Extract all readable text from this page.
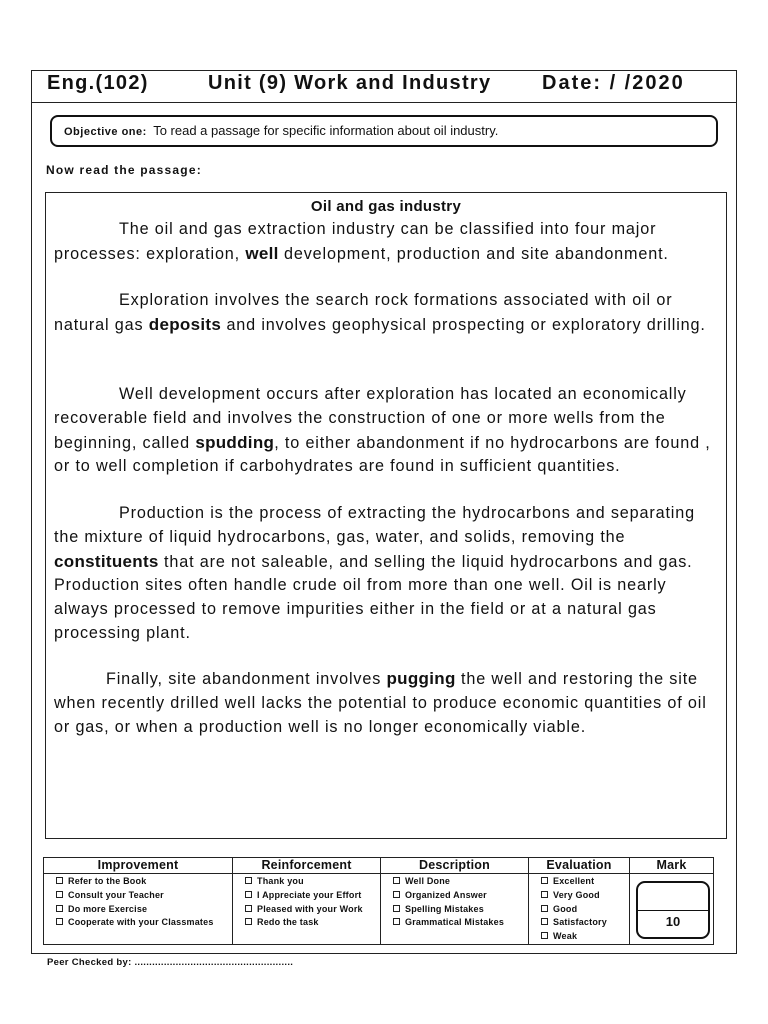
Eng.(102)	Unit (9) Work and Industry	Date: / /2020
Objective one: To read a passage for specific information about oil industry.
Now read the passage:
Oil and gas industry

The oil and gas extraction industry can be classified into four major processes: exploration, well development, production and site abandonment.

Exploration involves the search rock formations associated with oil or natural gas deposits and involves geophysical prospecting or exploratory drilling.

Well development occurs after exploration has located an economically recoverable field and involves the construction of one or more wells from the beginning, called spudding, to either abandonment if no hydrocarbons are found , or to well completion if carbohydrates are found in sufficient quantities.

Production is the process of extracting the hydrocarbons and separating the mixture of liquid hydrocarbons, gas, water, and solids, removing the constituents that are not saleable, and selling the liquid hydrocarbons and gas. Production sites often handle crude oil from more than one well. Oil is nearly always processed to remove impurities either in the field or at a natural gas processing plant.

Finally, site abandonment involves pugging the well and restoring the site when recently drilled well lacks the potential to produce economic quantities of oil or gas, or when a production well is no longer economically viable.

Improvement
Refer to the Book
Consult your Teacher
Do more Exercise
Cooperate with your Classmates
Reinforcement
Thank you
I Appreciate your Effort
Pleased with your Work
Redo the task
Description
Well Done
Organized Answer
Spelling Mistakes
Grammatical Mistakes
Evaluation
Excellent
Very Good
Good
Satisfactory
Weak
Mark
10
Peer Checked by: ......................................................
